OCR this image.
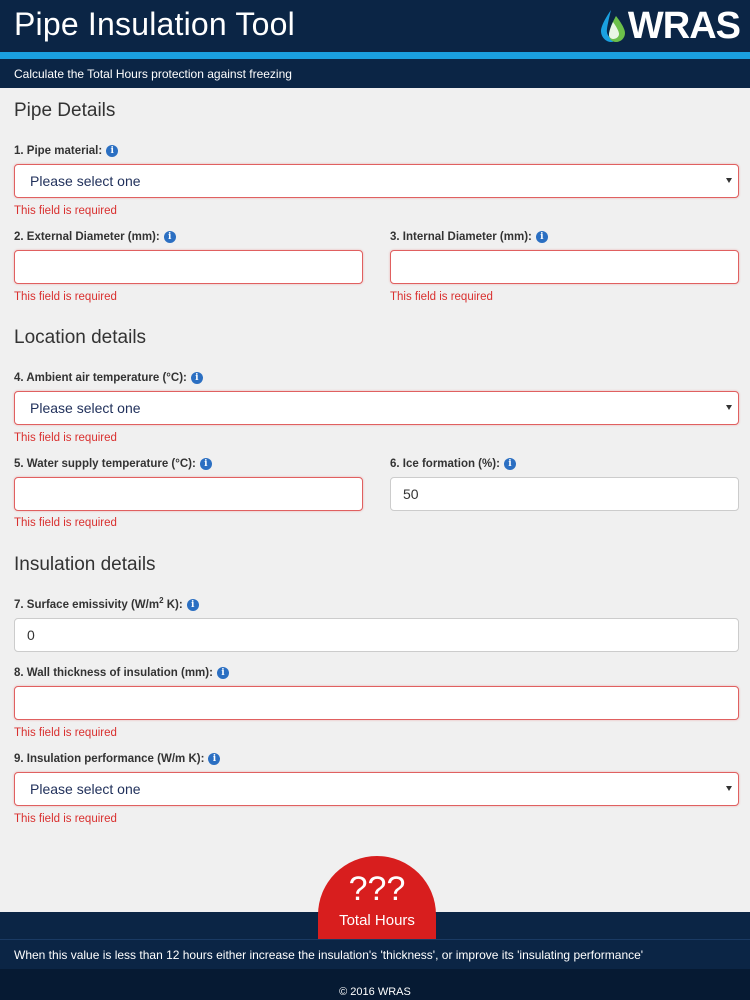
Pipe Insulation Tool	WRAS
Calculate the Total Hours protection against freezing
Pipe Details
1. Pipe material: i
Please select one
This field is required
2. External Diameter (mm): i
This field is required
3. Internal Diameter (mm): i
This field is required
Location details
4. Ambient air temperature (°C): i
Please select one
This field is required
5. Water supply temperature (°C): i
This field is required
6. Ice formation (%): i
50
Insulation details
7. Surface emissivity ($W/m^2$ K): i
0
8. Wall thickness of insulation (mm): i
This field is required
9. Insulation performance (W/m K): i
Please select one
This field is required
???
Total Hours
When this value is less than 12 hours either increase the insulation's 'thickness', or improve its 'insulating performance'
© 2016 WRAS
